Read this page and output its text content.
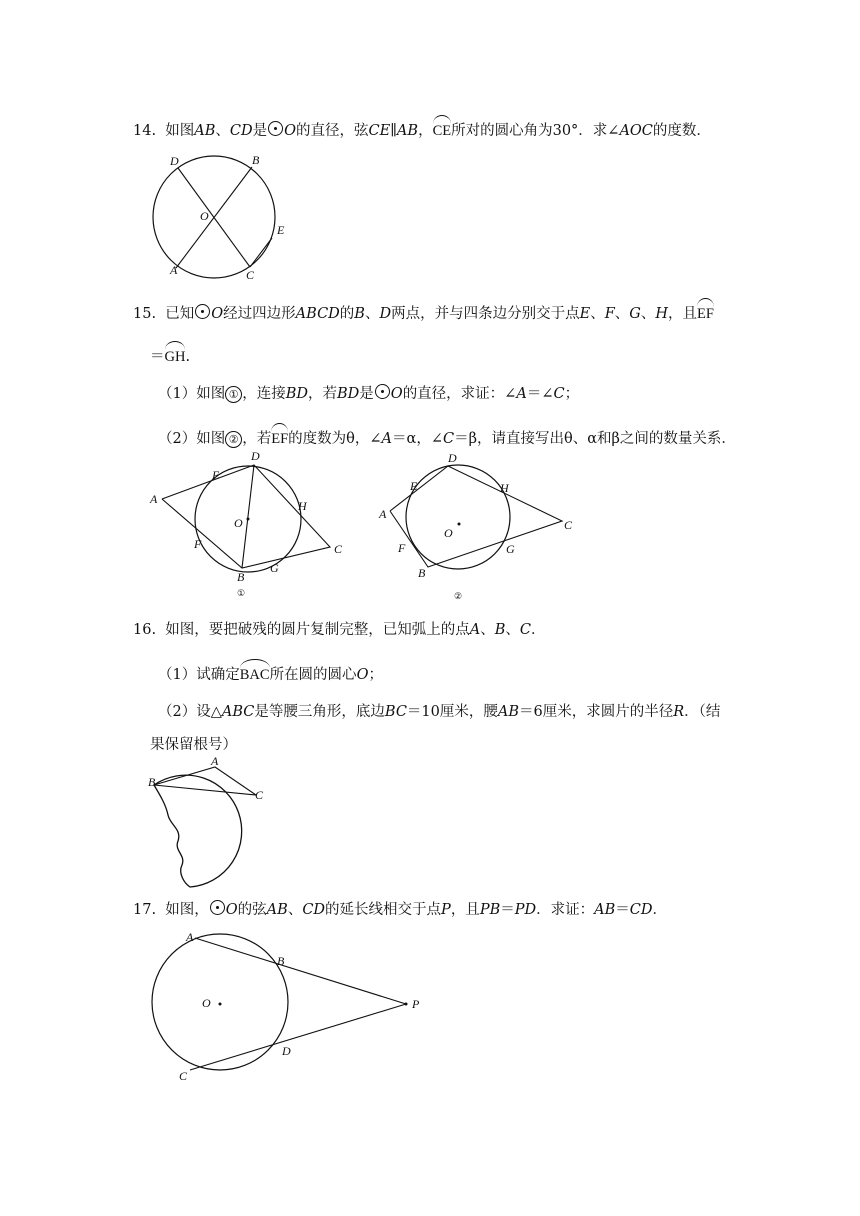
14. 如图AB、CD是 O的直径，弦CE∥AB，CE所对的圆心角为30°．求∠AOC的度数．
D	B
O
E
A	C
15. 已知 O经过四边形ABCD的B、D两点，并与四条边分别交于点E、F、G、H，且EF
＝GH.
（1）如图 ① ，连接BD，若BD是 O的直径，求证：∠A＝∠C；
（2）如图 ② ，若EF的度数为θ，∠A＝α，∠C＝β，请直接写出θ、α和β之间的数量关系．
A
E
D
H
O
F	C
B
G
①
D
E	H
A
C
O
F	G
B
②
16. 如图，要把破残的圆片复制完整，已知弧上的点A、B、C．
（1）试确定BAC所在圆的圆心O；
（2）设△ABC是等腰三角形，底边BC＝10厘米，腰AB＝6厘米，求圆片的半径R．（结
果保留根号）
B
A
C
17. 如图， O的弦AB、CD的延长线相交于点P，且PB＝PD．求证：AB＝CD．
A
B
O	P
D
C
